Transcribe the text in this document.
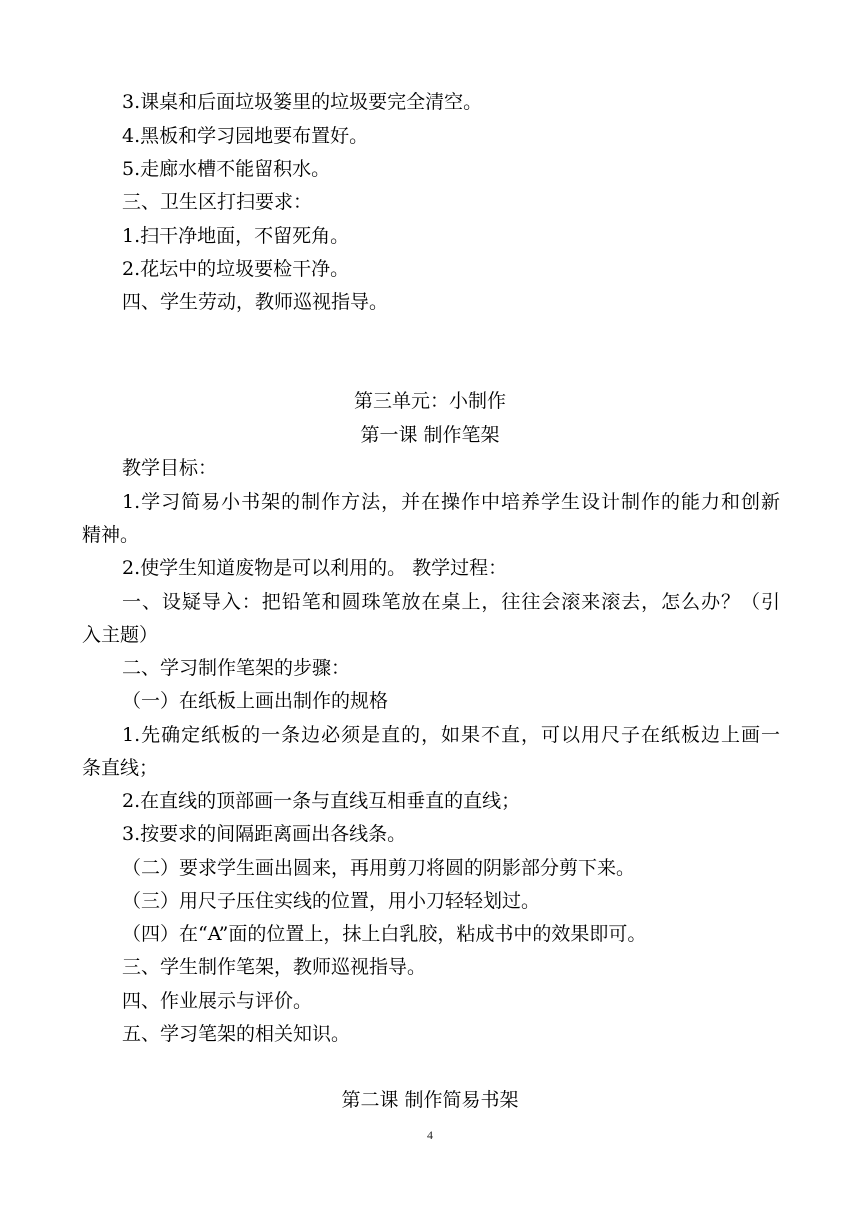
3.课桌和后面垃圾篓里的垃圾要完全清空。
4.黑板和学习园地要布置好。
5.走廊水槽不能留积水。
三、卫生区打扫要求：
1.扫干净地面，不留死角。
2.花坛中的垃圾要检干净。
四、学生劳动，教师巡视指导。
第三单元：小制作
第一课 制作笔架
教学目标：
1.学习简易小书架的制作方法，并在操作中培养学生设计制作的能力和创新
精神。
2.使学生知道废物是可以利用的。 教学过程：
一、设疑导入：把铅笔和圆珠笔放在桌上，往往会滚来滚去，怎么办？（引
入主题）
二、学习制作笔架的步骤：
（一）在纸板上画出制作的规格
1.先确定纸板的一条边必须是直的，如果不直，可以用尺子在纸板边上画一
条直线；
2.在直线的顶部画一条与直线互相垂直的直线；
3.按要求的间隔距离画出各线条。
（二）要求学生画出圆来，再用剪刀将圆的阴影部分剪下来。
（三）用尺子压住实线的位置，用小刀轻轻划过。
（四）在“A”面的位置上，抹上白乳胶，粘成书中的效果即可。
三、学生制作笔架，教师巡视指导。
四、作业展示与评价。
五、学习笔架的相关知识。
第二课 制作简易书架
4
